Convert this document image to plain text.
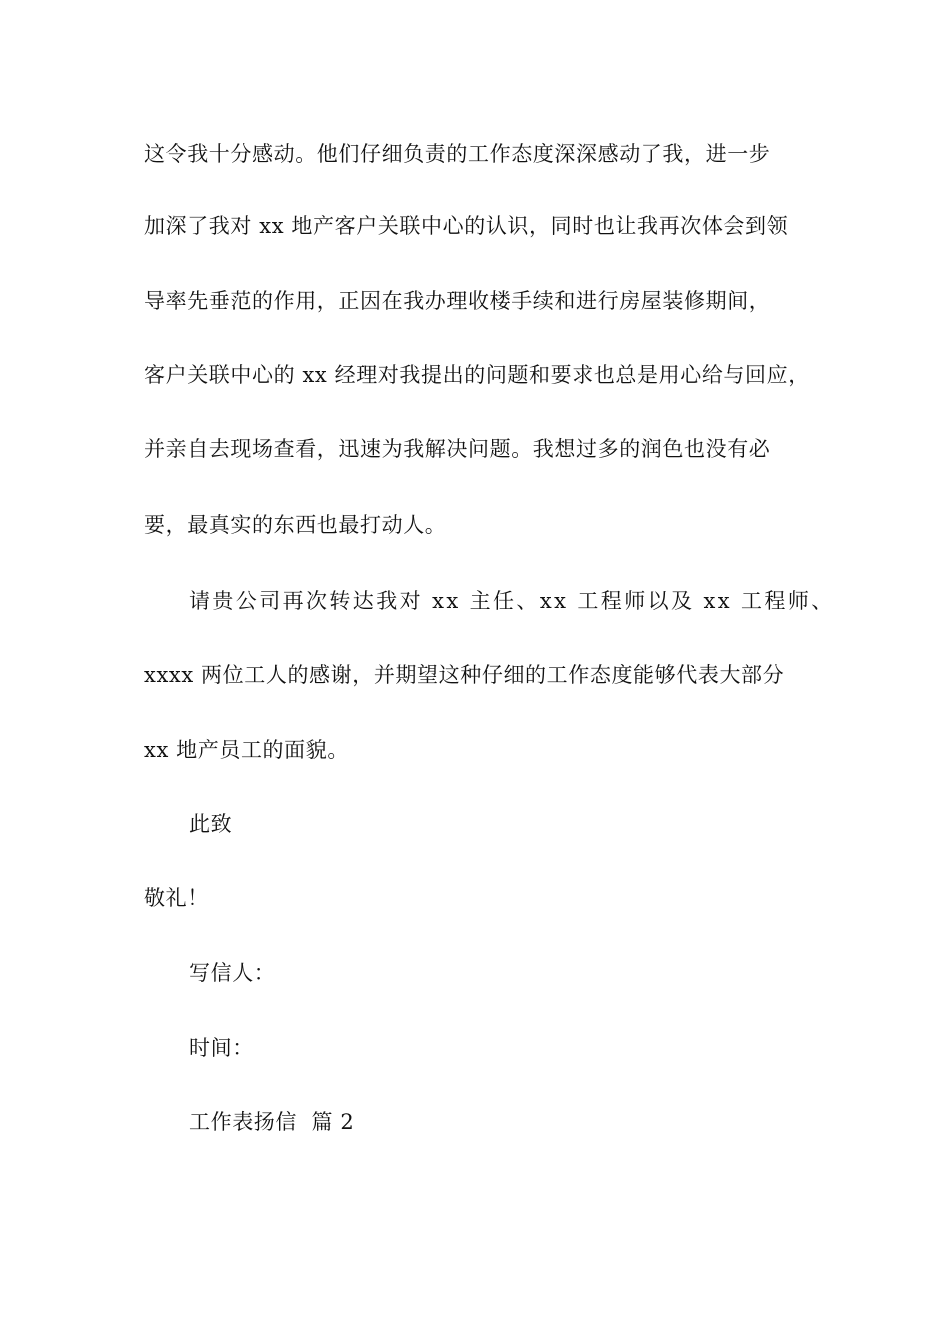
这令我十分感动。他们仔细负责的工作态度深深感动了我，进一步
加深了我对 xx 地产客户关联中心的认识，同时也让我再次体会到领
导率先垂范的作用，正因在我办理收楼手续和进行房屋装修期间，
客户关联中心的 xx 经理对我提出的问题和要求也总是用心给与回应，
并亲自去现场查看，迅速为我解决问题。我想过多的润色也没有必
要，最真实的东西也最打动人。
请贵公司再次转达我对 xx 主任、xx 工程师以及 xx 工程师、
xxxx 两位工人的感谢，并期望这种仔细的工作态度能够代表大部分
xx 地产员工的面貌。
此致
敬礼！
写信人：
时间：
工作表扬信  篇 2
